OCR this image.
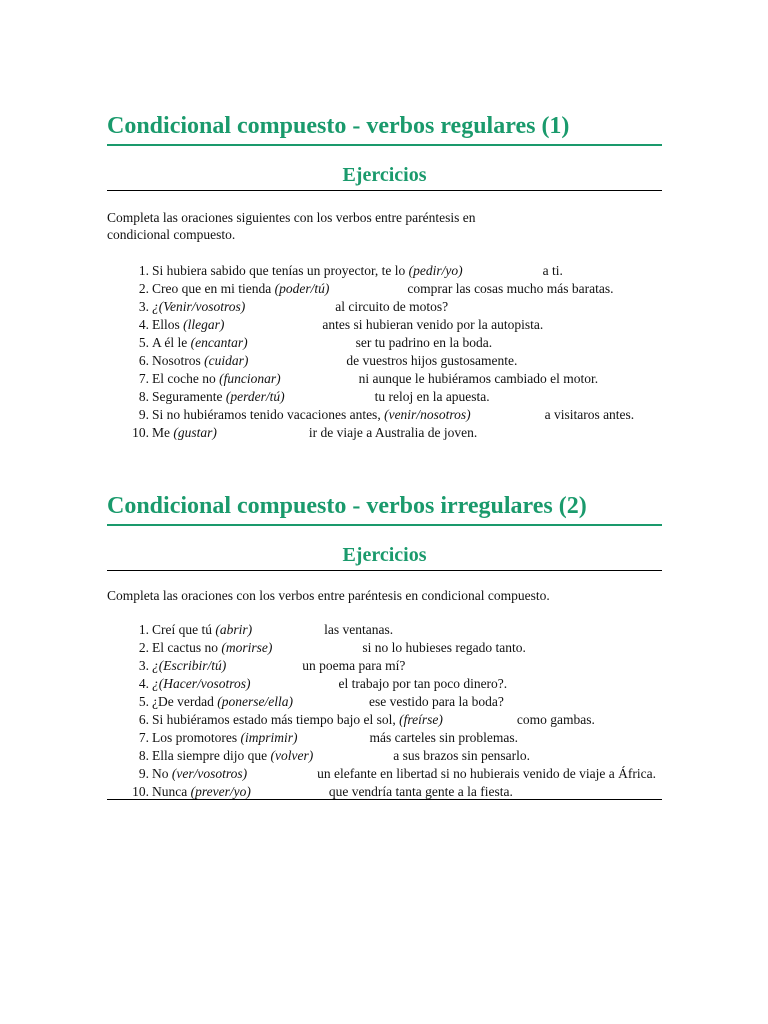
Condicional compuesto - verbos regulares (1)
Ejercicios
Completa las oraciones siguientes con los verbos entre paréntesis en condicional compuesto.
1. Si hubiera sabido que tenías un proyector, te lo (pedir/yo)	a ti.
2. Creo que en mi tienda (poder/tú)	comprar las cosas mucho más baratas.
3. ¿(Venir/vosotros)	al circuito de motos?
4. Ellos (llegar)	antes si hubieran venido por la autopista.
5. A él le (encantar)	ser tu padrino en la boda.
6. Nosotros (cuidar)	de vuestros hijos gustosamente.
7. El coche no (funcionar)	ni aunque le hubiéramos cambiado el motor.
8. Seguramente (perder/tú)	tu reloj en la apuesta.
9. Si no hubiéramos tenido vacaciones antes, (venir/nosotros)	a visitaros antes.
10. Me (gustar)	ir de viaje a Australia de joven.
Condicional compuesto - verbos irregulares (2)
Ejercicios
Completa las oraciones con los verbos entre paréntesis en condicional compuesto.
1. Creí que tú (abrir)	las ventanas.
2. El cactus no (morirse)	si no lo hubieses regado tanto.
3. ¿(Escribir/tú)	un poema para mí?
4. ¿(Hacer/vosotros)	el trabajo por tan poco dinero?.
5. ¿De verdad (ponerse/ella)	ese vestido para la boda?
6. Si hubiéramos estado más tiempo bajo el sol, (freírse)	como gambas.
7. Los promotores (imprimir)	más carteles sin problemas.
8. Ella siempre dijo que (volver)	a sus brazos sin pensarlo.
9. No (ver/vosotros)	un elefante en libertad si no hubierais venido de viaje a África.
10. Nunca (prever/yo)	que vendría tanta gente a la fiesta.
